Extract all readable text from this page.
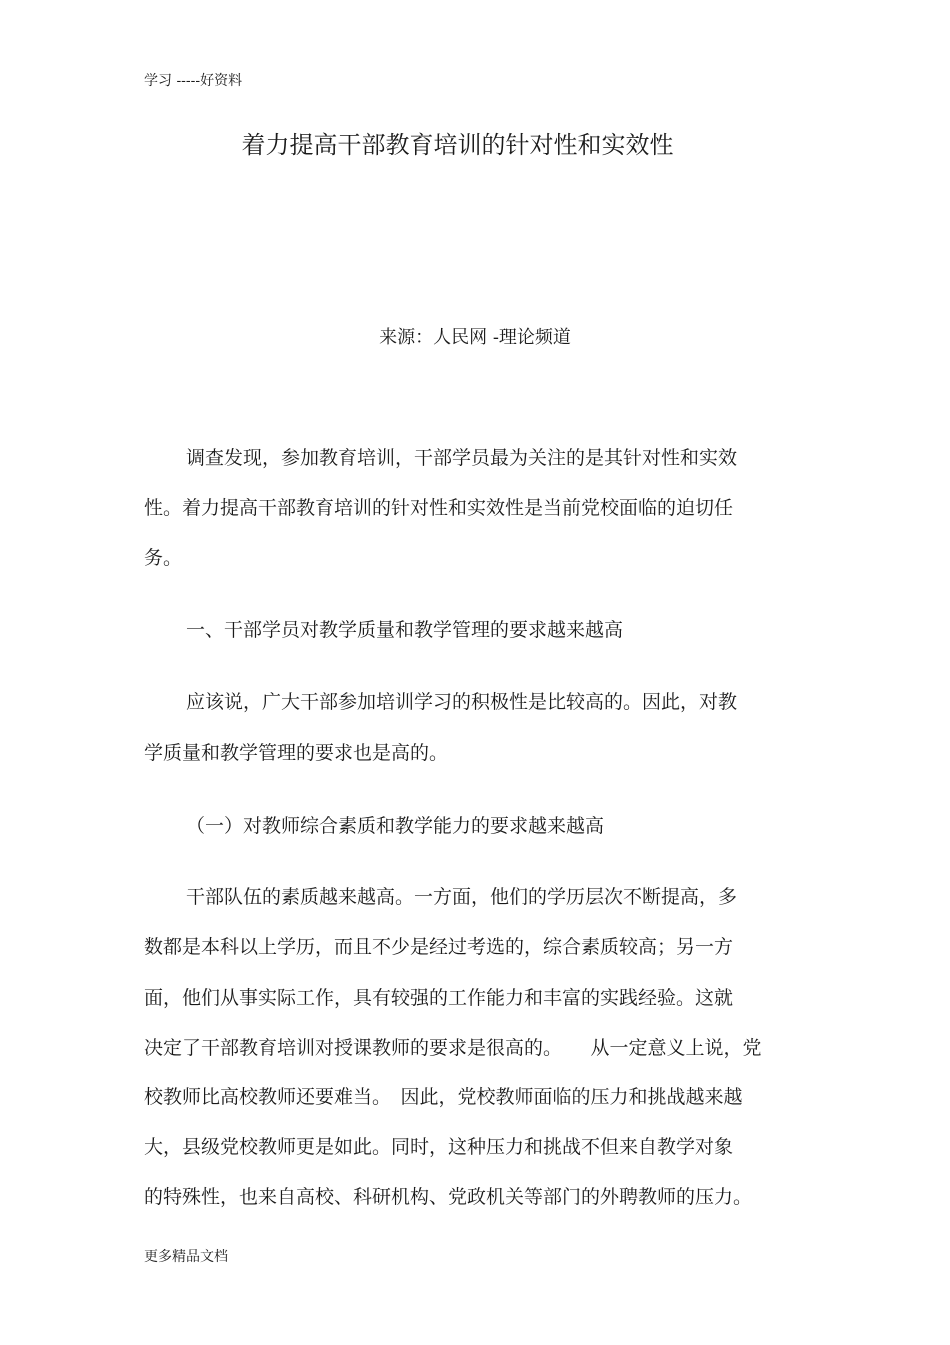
学习 -----好资料
着力提高干部教育培训的针对性和实效性
来源：人民网 -理论频道
调查发现，参加教育培训，干部学员最为关注的是其针对性和实效
性。着力提高干部教育培训的针对性和实效性是当前党校面临的迫切任
务。
一、干部学员对教学质量和教学管理的要求越来越高
应该说，广大干部参加培训学习的积极性是比较高的。因此，对教
学质量和教学管理的要求也是高的。
（一）对教师综合素质和教学能力的要求越来越高
干部队伍的素质越来越高。一方面，他们的学历层次不断提高，多
数都是本科以上学历，而且不少是经过考选的，综合素质较高；另一方
面，他们从事实际工作，具有较强的工作能力和丰富的实践经验。这就
决定了干部教育培训对授课教师的要求是很高的。　　从一定意义上说，党
校教师比高校教师还要难当。　因此，党校教师面临的压力和挑战越来越
大，县级党校教师更是如此。同时，这种压力和挑战不但来自教学对象
的特殊性，也来自高校、科研机构、党政机关等部门的外聘教师的压力。
更多精品文档
